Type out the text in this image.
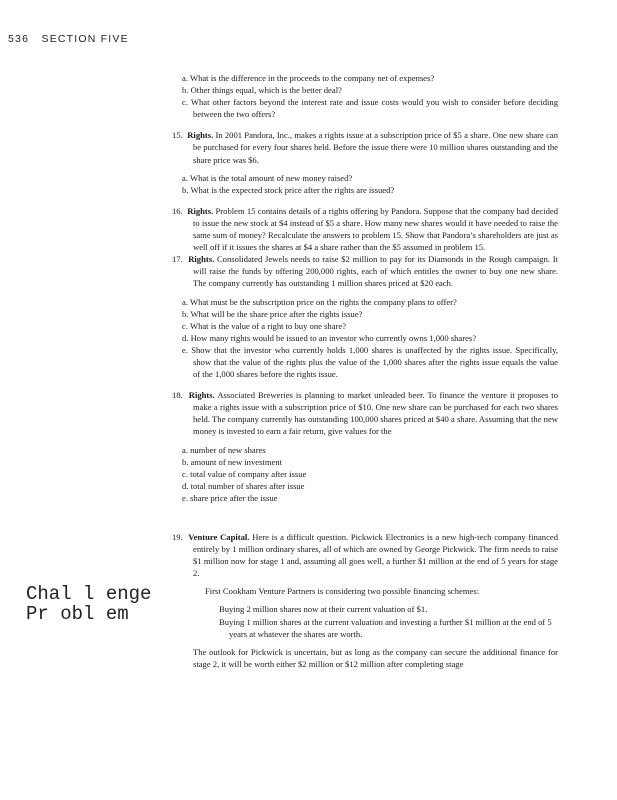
536 SECTION FIVE
Chal l enge
Pr obl em
a. What is the difference in the proceeds to the company net of expenses?
b. Other things equal, which is the better deal?
c. What other factors beyond the interest rate and issue costs would you wish to consider before deciding between the two offers?
15. Rights. In 2001 Pandora, Inc., makes a rights issue at a subscription price of $5 a share. One new share can be purchased for every four shares held. Before the issue there were 10 million shares outstanding and the share price was $6.
a. What is the total amount of new money raised?
b. What is the expected stock price after the rights are issued?
16. Rights. Problem 15 contains details of a rights offering by Pandora. Suppose that the company had decided to issue the new stock at $4 instead of $5 a share. How many new shares would it have needed to raise the same sum of money? Recalculate the answers to problem 15. Show that Pandora’s shareholders are just as well off if it issues the shares at $4 a share rather than the $5 assumed in problem 15.
17. Rights. Consolidated Jewels needs to raise $2 million to pay for its Diamonds in the Rough campaign. It will raise the funds by offering 200,000 rights, each of which entitles the owner to buy one new share. The company currently has outstanding 1 million shares priced at $20 each.
a. What must be the subscription price on the rights the company plans to offer?
b. What will be the share price after the rights issue?
c. What is the value of a right to buy one share?
d. How many rights would be issued to an investor who currently owns 1,000 shares?
e. Show that the investor who currently holds 1,000 shares is unaffected by the rights issue. Specifically, show that the value of the rights plus the value of the 1,000 shares after the rights issue equals the value of the 1,000 shares before the rights issue.
18. Rights. Associated Breweries is planning to market unleaded beer. To finance the venture it proposes to make a rights issue with a subscription price of $10. One new share can be purchased for each two shares held. The company currently has outstanding 100,000 shares priced at $40 a share. Assuming that the new money is invested to earn a fair return, give values for the
a. number of new shares
b. amount of new investment
c. total value of company after issue
d. total number of shares after issue
e. share price after the issue
19. Venture Capital. Here is a difficult question. Pickwick Electronics is a new high-tech company financed entirely by 1 million ordinary shares, all of which are owned by George Pickwick. The firm needs to raise $1 million now for stage 1 and, assuming all goes well, a further $1 million at the end of 5 years for stage 2.
First Cookham Venture Partners is considering two possible financing schemes:
Buying 2 million shares now at their current valuation of $1.
Buying 1 million shares at the current valuation and investing a further $1 million at the end of 5 years at whatever the shares are worth.
The outlook for Pickwick is uncertain, but as long as the company can secure the additional finance for stage 2, it will be worth either $2 million or $12 million after completing stage
